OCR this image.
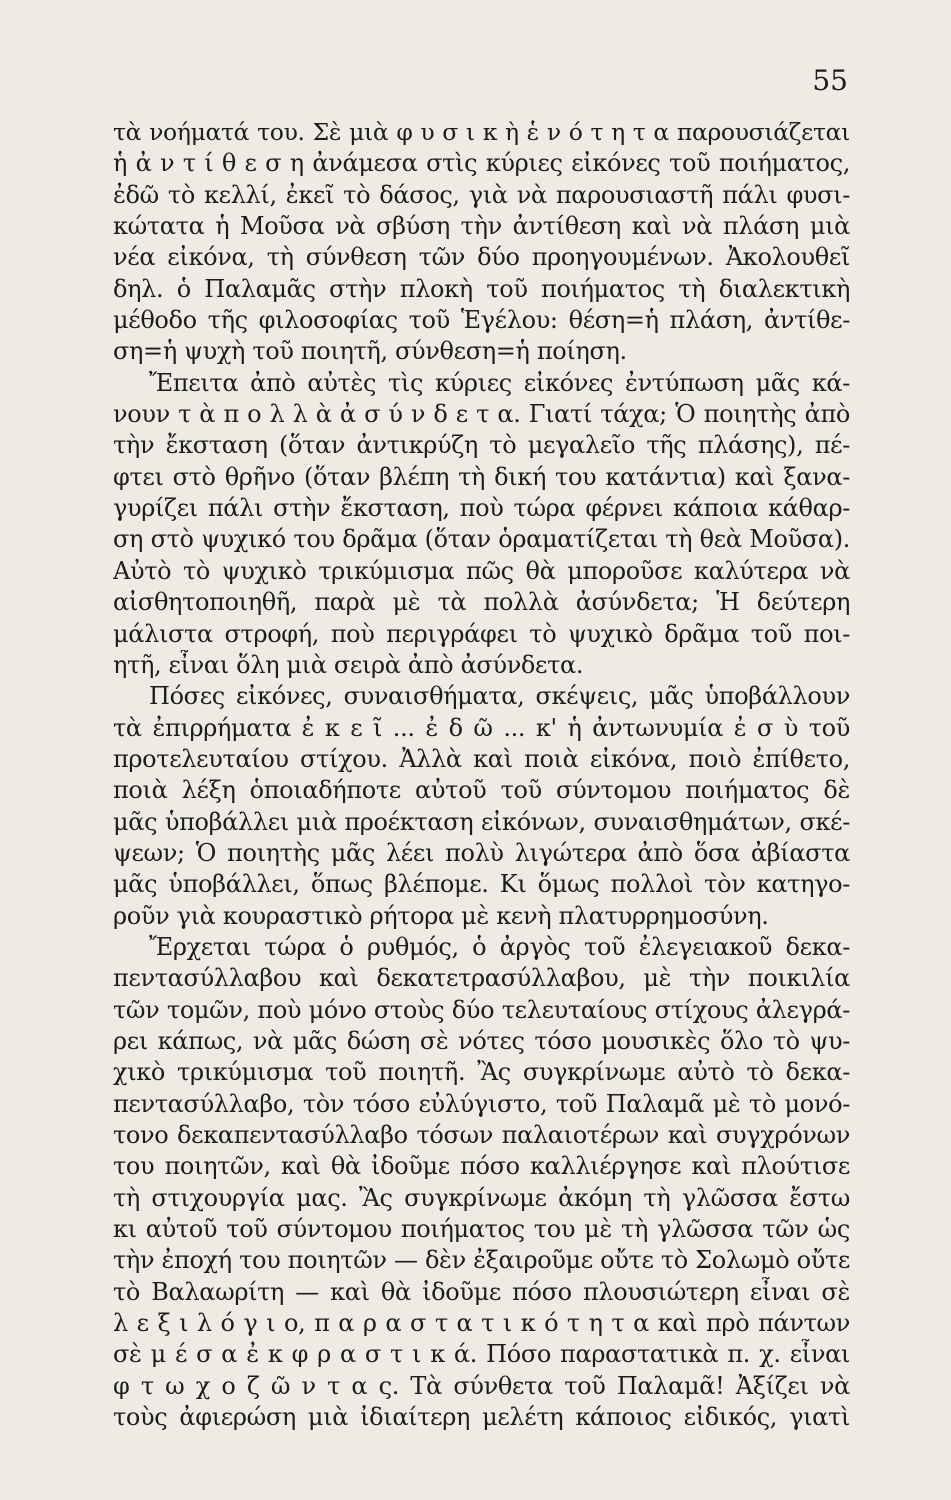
55
τὰ νοήματά του. Σὲ μιὰ φ υ σ ι κ ὴ ἑ ν ό τ η τ α παρουσιάζεται
ἡ ἀ ν τ ί θ ε σ η ἀνάμεσα στὶς κύριες εἰκόνες τοῦ ποιήματος,
ἐδῶ τὸ κελλί, ἐκεῖ τὸ δάσος, γιὰ νὰ παρουσιαστῆ πάλι φυσι-
κώτατα ἡ Μοῦσα νὰ σβύση τὴν ἀντίθεση καὶ νὰ πλάση μιὰ
νέα εἰκόνα, τὴ σύνθεση τῶν δύο προηγουμένων. Ἀκολουθεῖ
δηλ. ὁ Παλαμᾶς στὴν πλοκὴ τοῦ ποιήματος τὴ διαλεκτικὴ
μέθοδο τῆς φιλοσοφίας τοῦ Ἑγέλου: θέση=ἡ πλάση, ἀντίθε-
ση=ἡ ψυχὴ τοῦ ποιητῆ, σύνθεση=ἡ ποίηση.
Ἔπειτα ἀπὸ αὐτὲς τὶς κύριες εἰκόνες ἐντύπωση μᾶς κά-
νουν τ ὰ π ο λ λ ὰ ἀ σ ύ ν δ ε τ α. Γιατί τάχα; Ὁ ποιητὴς ἀπὸ
τὴν ἔκσταση (ὅταν ἀντικρύζη τὸ μεγαλεῖο τῆς πλάσης), πέ-
φτει στὸ θρῆνο (ὅταν βλέπη τὴ δική του κατάντια) καὶ ξανα-
γυρίζει πάλι στὴν ἔκσταση, ποὺ τώρα φέρνει κάποια κάθαρ-
ση στὸ ψυχικό του δρᾶμα (ὅταν ὁραματίζεται τὴ θεὰ Μοῦσα).
Αὐτὸ τὸ ψυχικὸ τρικύμισμα πῶς θὰ μποροῦσε καλύτερα νὰ
αἰσθητοποιηθῆ, παρὰ μὲ τὰ πολλὰ ἀσύνδετα; Ἡ δεύτερη
μάλιστα στροφή, ποὺ περιγράφει τὸ ψυχικὸ δρᾶμα τοῦ ποι-
ητῆ, εἶναι ὅλη μιὰ σειρὰ ἀπὸ ἀσύνδετα.
Πόσες εἰκόνες, συναισθήματα, σκέψεις, μᾶς ὑποβάλλουν
τὰ ἐπιρρήματα ἐ κ ε ῖ ... ἐ δ ῶ ... κ' ἡ ἀντωνυμία ἐ σ ὺ τοῦ
προτελευταίου στίχου. Ἀλλὰ καὶ ποιὰ εἰκόνα, ποιὸ ἐπίθετο,
ποιὰ λέξη ὁποιαδήποτε αὐτοῦ τοῦ σύντομου ποιήματος δὲ
μᾶς ὑποβάλλει μιὰ προέκταση εἰκόνων, συναισθημάτων, σκέ-
ψεων; Ὁ ποιητὴς μᾶς λέει πολὺ λιγώτερα ἀπὸ ὅσα ἀβίαστα
μᾶς ὑποβάλλει, ὅπως βλέπομε. Κι ὅμως πολλοὶ τὸν κατηγο-
ροῦν γιὰ κουραστικὸ ρήτορα μὲ κενὴ πλατυρρημοσύνη.
Ἔρχεται τώρα ὁ ρυθμός, ὁ ἀργὸς τοῦ ἐλεγειακοῦ δεκα-
πεντασύλλαβου καὶ δεκατετρασύλλαβου, μὲ τὴν ποικιλία
τῶν τομῶν, ποὺ μόνο στοὺς δύο τελευταίους στίχους ἀλεγρά-
ρει κάπως, νὰ μᾶς δώση σὲ νότες τόσο μουσικὲς ὅλο τὸ ψυ-
χικὸ τρικύμισμα τοῦ ποιητῆ. Ἂς συγκρίνωμε αὐτὸ τὸ δεκα-
πεντασύλλαβο, τὸν τόσο εὐλύγιστο, τοῦ Παλαμᾶ μὲ τὸ μονό-
τονο δεκαπεντασύλλαβο τόσων παλαιοτέρων καὶ συγχρόνων
του ποιητῶν, καὶ θὰ ἰδοῦμε πόσο καλλιέργησε καὶ πλούτισε
τὴ στιχουργία μας. Ἂς συγκρίνωμε ἀκόμη τὴ γλῶσσα ἔστω
κι αὐτοῦ τοῦ σύντομου ποιήματος του μὲ τὴ γλῶσσα τῶν ὡς
τὴν ἐποχή του ποιητῶν — δὲν ἐξαιροῦμε οὔτε τὸ Σολωμὸ οὔτε
τὸ Βαλαωρίτη — καὶ θὰ ἰδοῦμε πόσο πλουσιώτερη εἶναι σὲ
λ ε ξ ι λ ό γ ι ο, π α ρ α σ τ α τ ι κ ό τ η τ α καὶ πρὸ πάντων
σὲ μ έ σ α ἐ κ φ ρ α σ τ ι κ ά. Πόσο παραστατικὰ π. χ. εἶναι
φ τ ω χ ο ζ ῶ ν τ α ς. Τὰ σύνθετα τοῦ Παλαμᾶ! Ἀξίζει νὰ
τοὺς ἀφιερώση μιὰ ἰδιαίτερη μελέτη κάποιος εἰδικός, γιατὶ
